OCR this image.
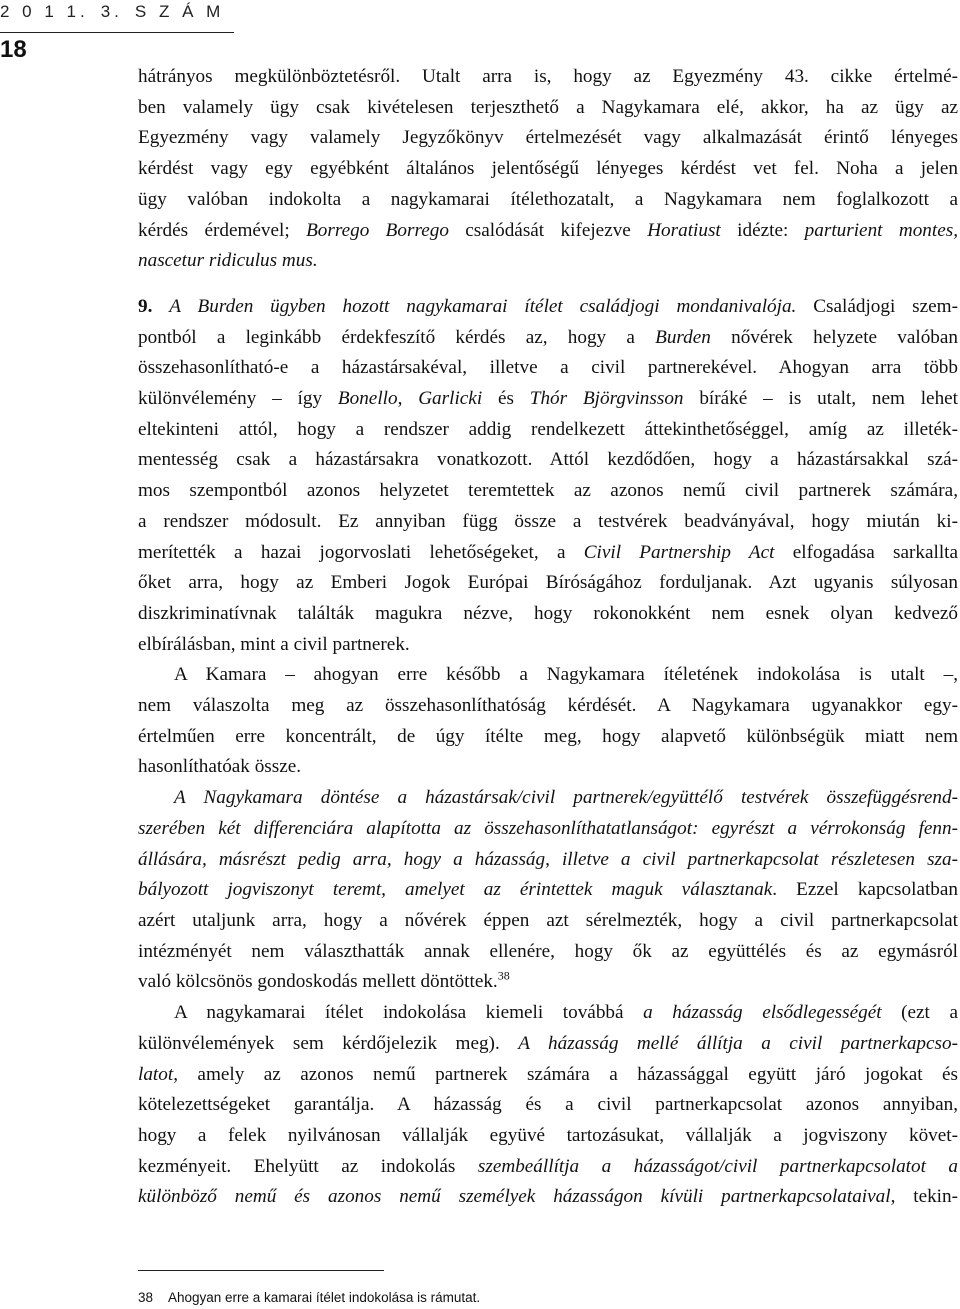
2 0 1 1. 3. S Z Á M
18
hátrányos megkülönböztetésről. Utalt arra is, hogy az Egyezmény 43. cikke értelmé-
ben valamely ügy csak kivételesen terjeszthető a Nagykamara elé, akkor, ha az ügy az
Egyezmény vagy valamely Jegyzőkönyv értelmezését vagy alkalmazását érintő lényeges
kérdést vagy egy egyébként általános jelentőségű lényeges kérdést vet fel. Noha a jelen
ügy valóban indokolta a nagykamarai ítélethozatalt, a Nagykamara nem foglalkozott a
kérdés érdemével; Borrego Borrego csalódását kifejezve Horatiust idézte: parturient montes,
nascetur ridiculus mus.
9. A Burden ügyben hozott nagykamarai ítélet családjogi mondanivalója. Családjogi szem-
pontból a leginkább érdekfeszítő kérdés az, hogy a Burden nővérek helyzete valóban
összehasonlítható-e a házastársakéval, illetve a civil partnerekével. Ahogyan arra több
különvélemény – így Bonello, Garlicki és Thór Björgvinsson bíráké – is utalt, nem lehet
eltekinteni attól, hogy a rendszer addig rendelkezett áttekinthetőséggel, amíg az illeték-
mentesség csak a házastársakra vonatkozott. Attól kezdődően, hogy a házastársakkal szá-
mos szempontból azonos helyzetet teremtettek az azonos nemű civil partnerek számára,
a rendszer módosult. Ez annyiban függ össze a testvérek beadványával, hogy miután ki-
merítették a hazai jogorvoslati lehetőségeket, a Civil Partnership Act elfogadása sarkallta
őket arra, hogy az Emberi Jogok Európai Bíróságához forduljanak. Azt ugyanis súlyosan
diszkriminatívnak találták magukra nézve, hogy rokonokként nem esnek olyan kedvező
elbírálásban, mint a civil partnerek.
A Kamara – ahogyan erre később a Nagykamara ítéletének indokolása is utalt –,
nem válaszolta meg az összehasonlíthatóság kérdését. A Nagykamara ugyanakkor egy-
értelműen erre koncentrált, de úgy ítélte meg, hogy alapvető különbségük miatt nem
hasonlíthatóak össze.
A Nagykamara döntése a házastársak/civil partnerek/együttélő testvérek összefüggésrend-
szerében két differenciára alapította az összehasonlíthatatlanságot: egyrészt a vérrokonság fenn-
állására, másrészt pedig arra, hogy a házasság, illetve a civil partnerkapcsolat részletesen sza-
bályozott jogviszonyt teremt, amelyet az érintettek maguk választanak. Ezzel kapcsolatban
azért utaljunk arra, hogy a nővérek éppen azt sérelmezték, hogy a civil partnerkapcsolat
intézményét nem választhatták annak ellenére, hogy ők az együttélés és az egymásról
való kölcsönös gondoskodás mellett döntöttek.$^{38}$
A nagykamarai ítélet indokolása kiemeli továbbá a házasság elsődlegességét (ezt a
különvélemények sem kérdőjelezik meg). A házasság mellé állítja a civil partnerkapcso-
latot, amely az azonos nemű partnerek számára a házassággal együtt járó jogokat és
kötelezettségeket garantálja. A házasság és a civil partnerkapcsolat azonos annyiban,
hogy a felek nyilvánosan vállalják együvé tartozásukat, vállalják a jogviszony követ-
kezményeit. Ehelyütt az indokolás szembeállítja a házasságot/civil partnerkapcsolatot a
különböző nemű és azonos nemű személyek házasságon kívüli partnerkapcsolataival, tekin-
38 Ahogyan erre a kamarai ítélet indokolása is rámutat.
